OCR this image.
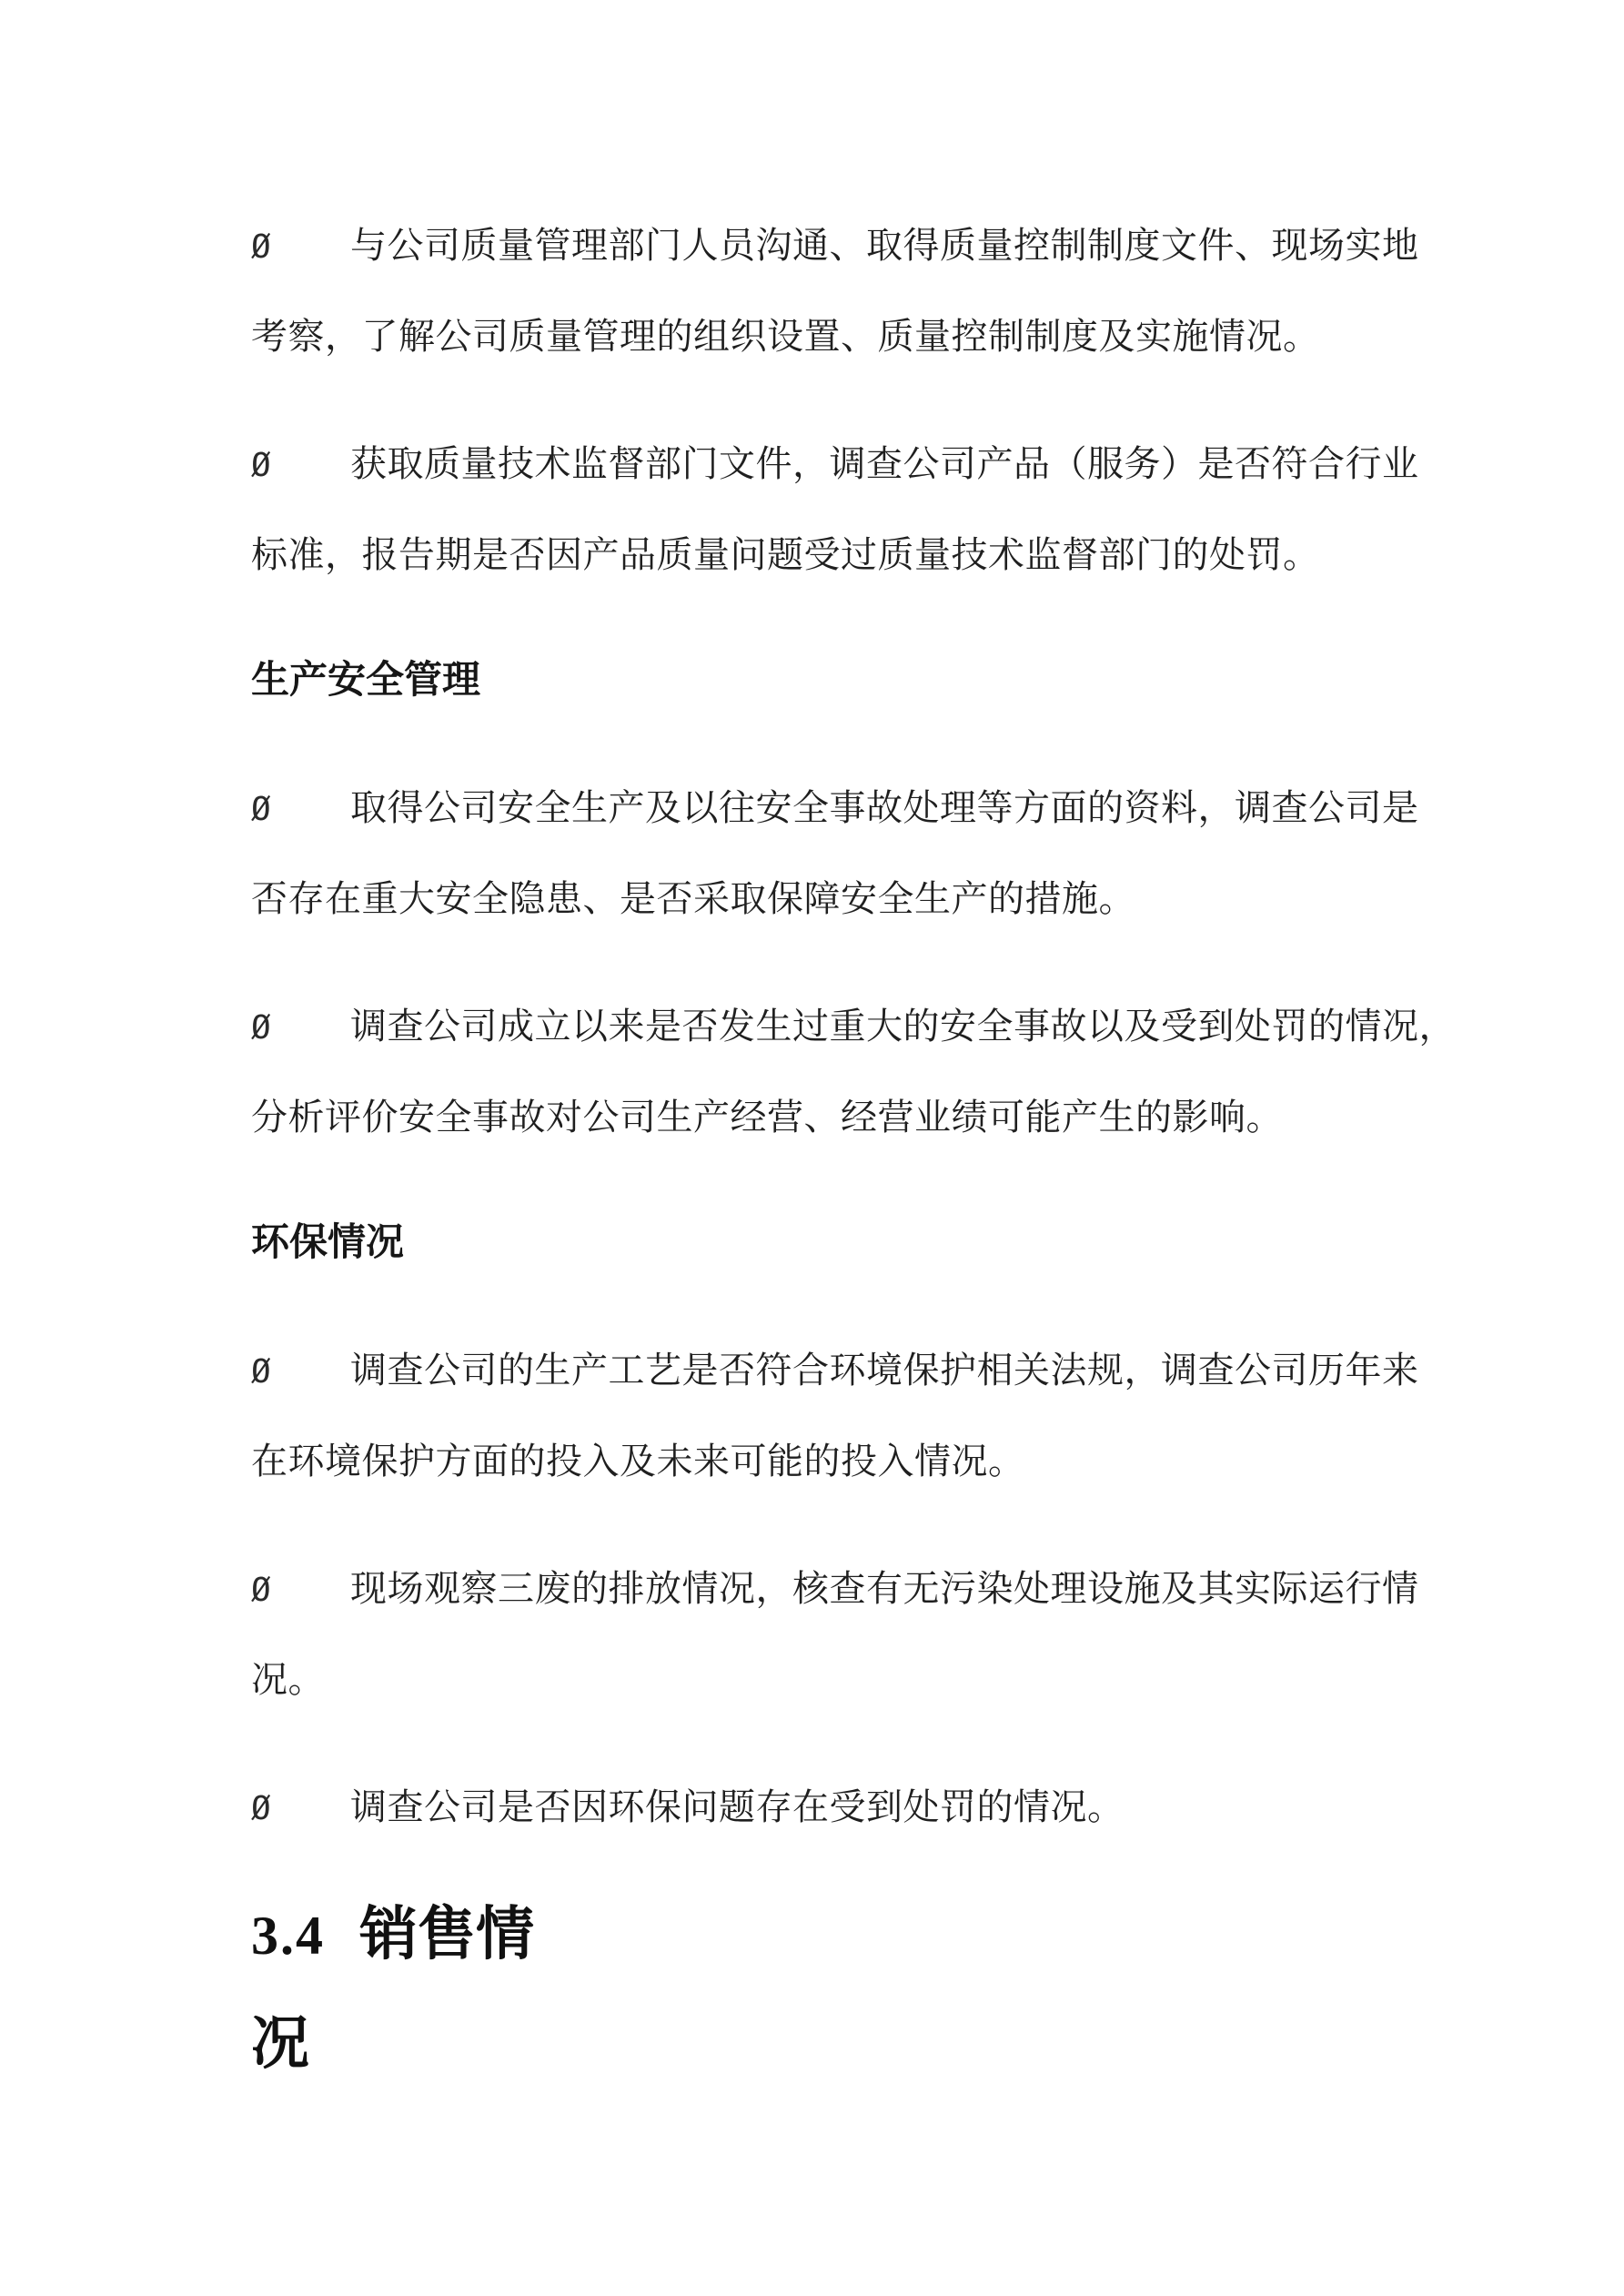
Ø 与公司质量管理部门人员沟通、取得质量控制制度文件、现场实地
考察，了解公司质量管理的组织设置、质量控制制度及实施情况。
Ø 获取质量技术监督部门文件，调查公司产品（服务）是否符合行业
标准，报告期是否因产品质量问题受过质量技术监督部门的处罚。
生产安全管理
Ø 取得公司安全生产及以往安全事故处理等方面的资料，调查公司是
否存在重大安全隐患、是否采取保障安全生产的措施。
Ø 调查公司成立以来是否发生过重大的安全事故以及受到处罚的情况，
分析评价安全事故对公司生产经营、经营业绩可能产生的影响。
环保情况
Ø 调查公司的生产工艺是否符合环境保护相关法规，调查公司历年来
在环境保护方面的投入及未来可能的投入情况。
Ø 现场观察三废的排放情况，核查有无污染处理设施及其实际运行情
况。
Ø 调查公司是否因环保问题存在受到处罚的情况。
3.4 销售情
况
